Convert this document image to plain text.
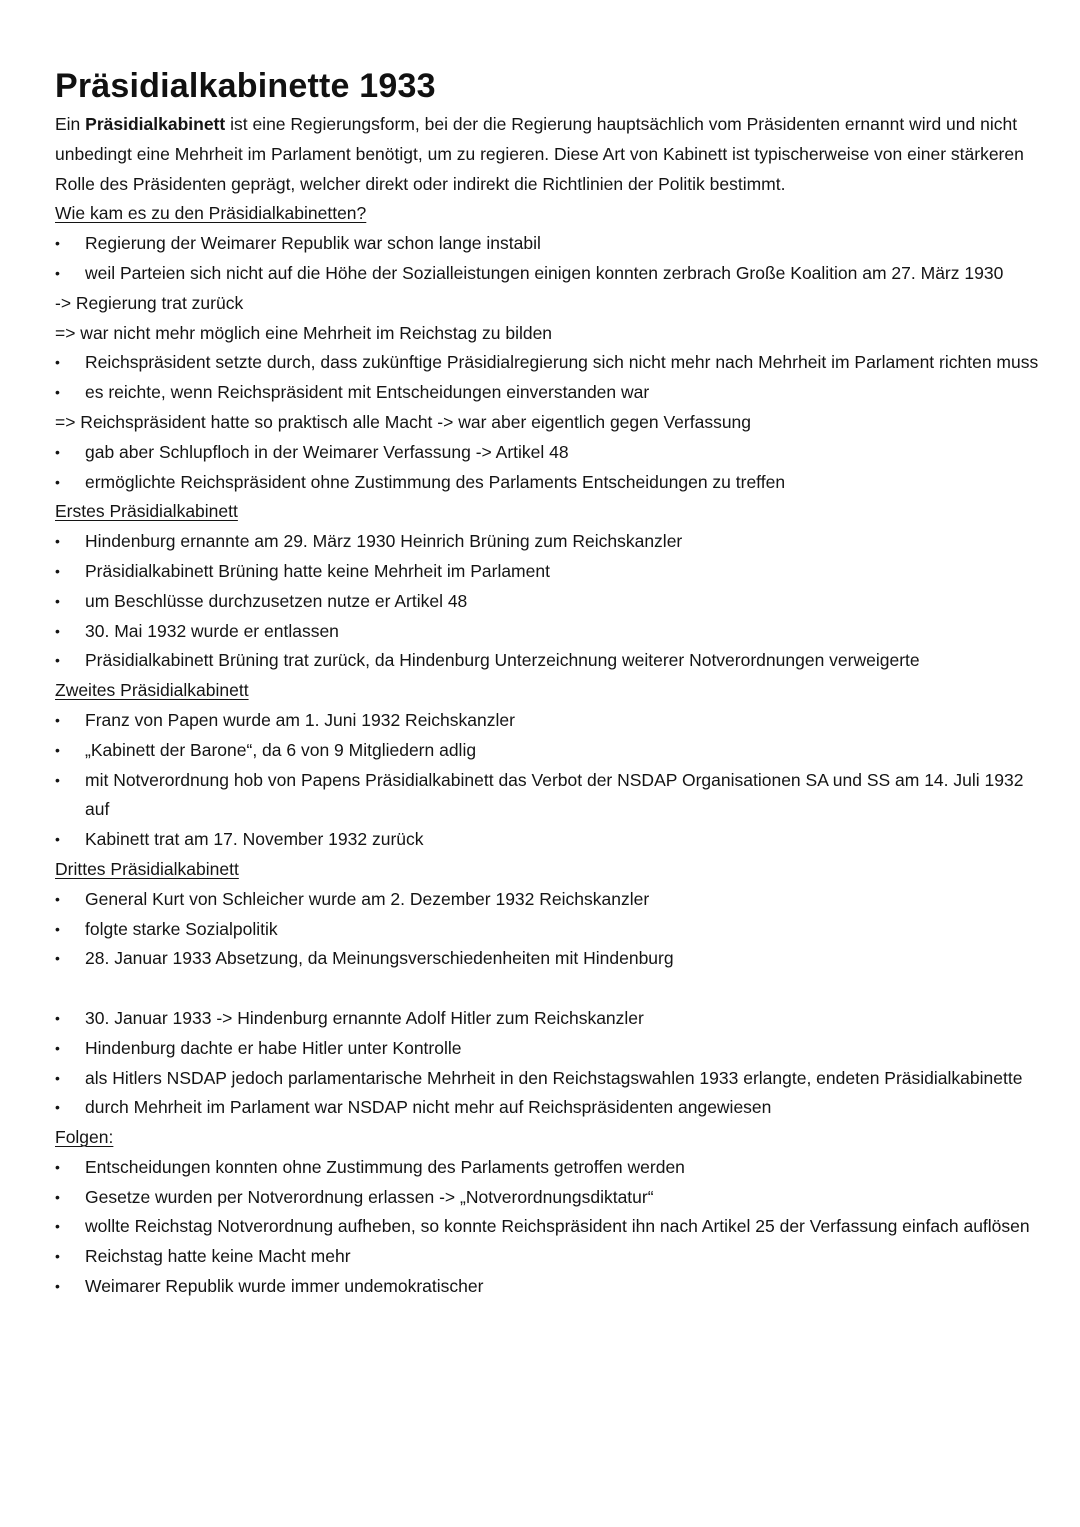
Präsidialkabinette 1933

Ein Präsidialkabinett ist eine Regierungsform, bei der die Regierung hauptsächlich vom Präsidenten ernannt wird und nicht unbedingt eine Mehrheit im Parlament benötigt, um zu regieren. Diese Art von Kabinett ist typischerweise von einer stärkeren Rolle des Präsidenten geprägt, welcher direkt oder indirekt die Richtlinien der Politik bestimmt.

Wie kam es zu den Präsidialkabinetten?
•	Regierung der Weimarer Republik war schon lange instabil
•	weil Parteien sich nicht auf die Höhe der Sozialleistungen einigen konnten zerbrach Große Koalition am 27. März 1930
-> Regierung trat zurück
=> war nicht mehr möglich eine Mehrheit im Reichstag zu bilden
•	Reichspräsident setzte durch, dass zukünftige Präsidialregierung sich nicht mehr nach Mehrheit im Parlament richten muss
•	es reichte, wenn Reichspräsident mit Entscheidungen einverstanden war
=> Reichspräsident hatte so praktisch alle Macht -> war aber eigentlich gegen Verfassung
•	gab aber Schlupfloch in der Weimarer Verfassung -> Artikel 48
•	ermöglichte Reichspräsident ohne Zustimmung des Parlaments Entscheidungen zu treffen
Erstes Präsidialkabinett
•	Hindenburg ernannte am 29. März 1930 Heinrich Brüning zum Reichskanzler
•	Präsidialkabinett Brüning hatte keine Mehrheit im Parlament
•	um Beschlüsse durchzusetzen nutze er Artikel 48
•	30. Mai 1932 wurde er entlassen
•	Präsidialkabinett Brüning trat zurück, da Hindenburg Unterzeichnung weiterer Notverordnungen verweigerte
Zweites Präsidialkabinett
•	Franz von Papen wurde am 1. Juni 1932 Reichskanzler
•	„Kabinett der Barone“, da 6 von 9 Mitgliedern adlig
•	mit Notverordnung hob von Papens Präsidialkabinett das Verbot der NSDAP Organisationen SA und SS am 14. Juli 1932 auf
•	Kabinett trat am 17. November 1932 zurück
Drittes Präsidialkabinett
•	General Kurt von Schleicher wurde am 2. Dezember 1932 Reichskanzler
•	folgte starke Sozialpolitik
•	28. Januar 1933 Absetzung, da Meinungsverschiedenheiten mit Hindenburg
•	30. Januar 1933 -> Hindenburg ernannte Adolf Hitler zum Reichskanzler
•	Hindenburg dachte er habe Hitler unter Kontrolle
•	als Hitlers NSDAP jedoch parlamentarische Mehrheit in den Reichstagswahlen 1933 erlangte, endeten Präsidialkabinette
•	durch Mehrheit im Parlament war NSDAP nicht mehr auf Reichspräsidenten angewiesen
Folgen:
•	Entscheidungen konnten ohne Zustimmung des Parlaments getroffen werden
•	Gesetze wurden per Notverordnung erlassen -> „Notverordnungsdiktatur“
•	wollte Reichstag Notverordnung aufheben, so konnte Reichspräsident ihn nach Artikel 25 der Verfassung einfach auflösen
•	Reichstag hatte keine Macht mehr
•	Weimarer Republik wurde immer undemokratischer
